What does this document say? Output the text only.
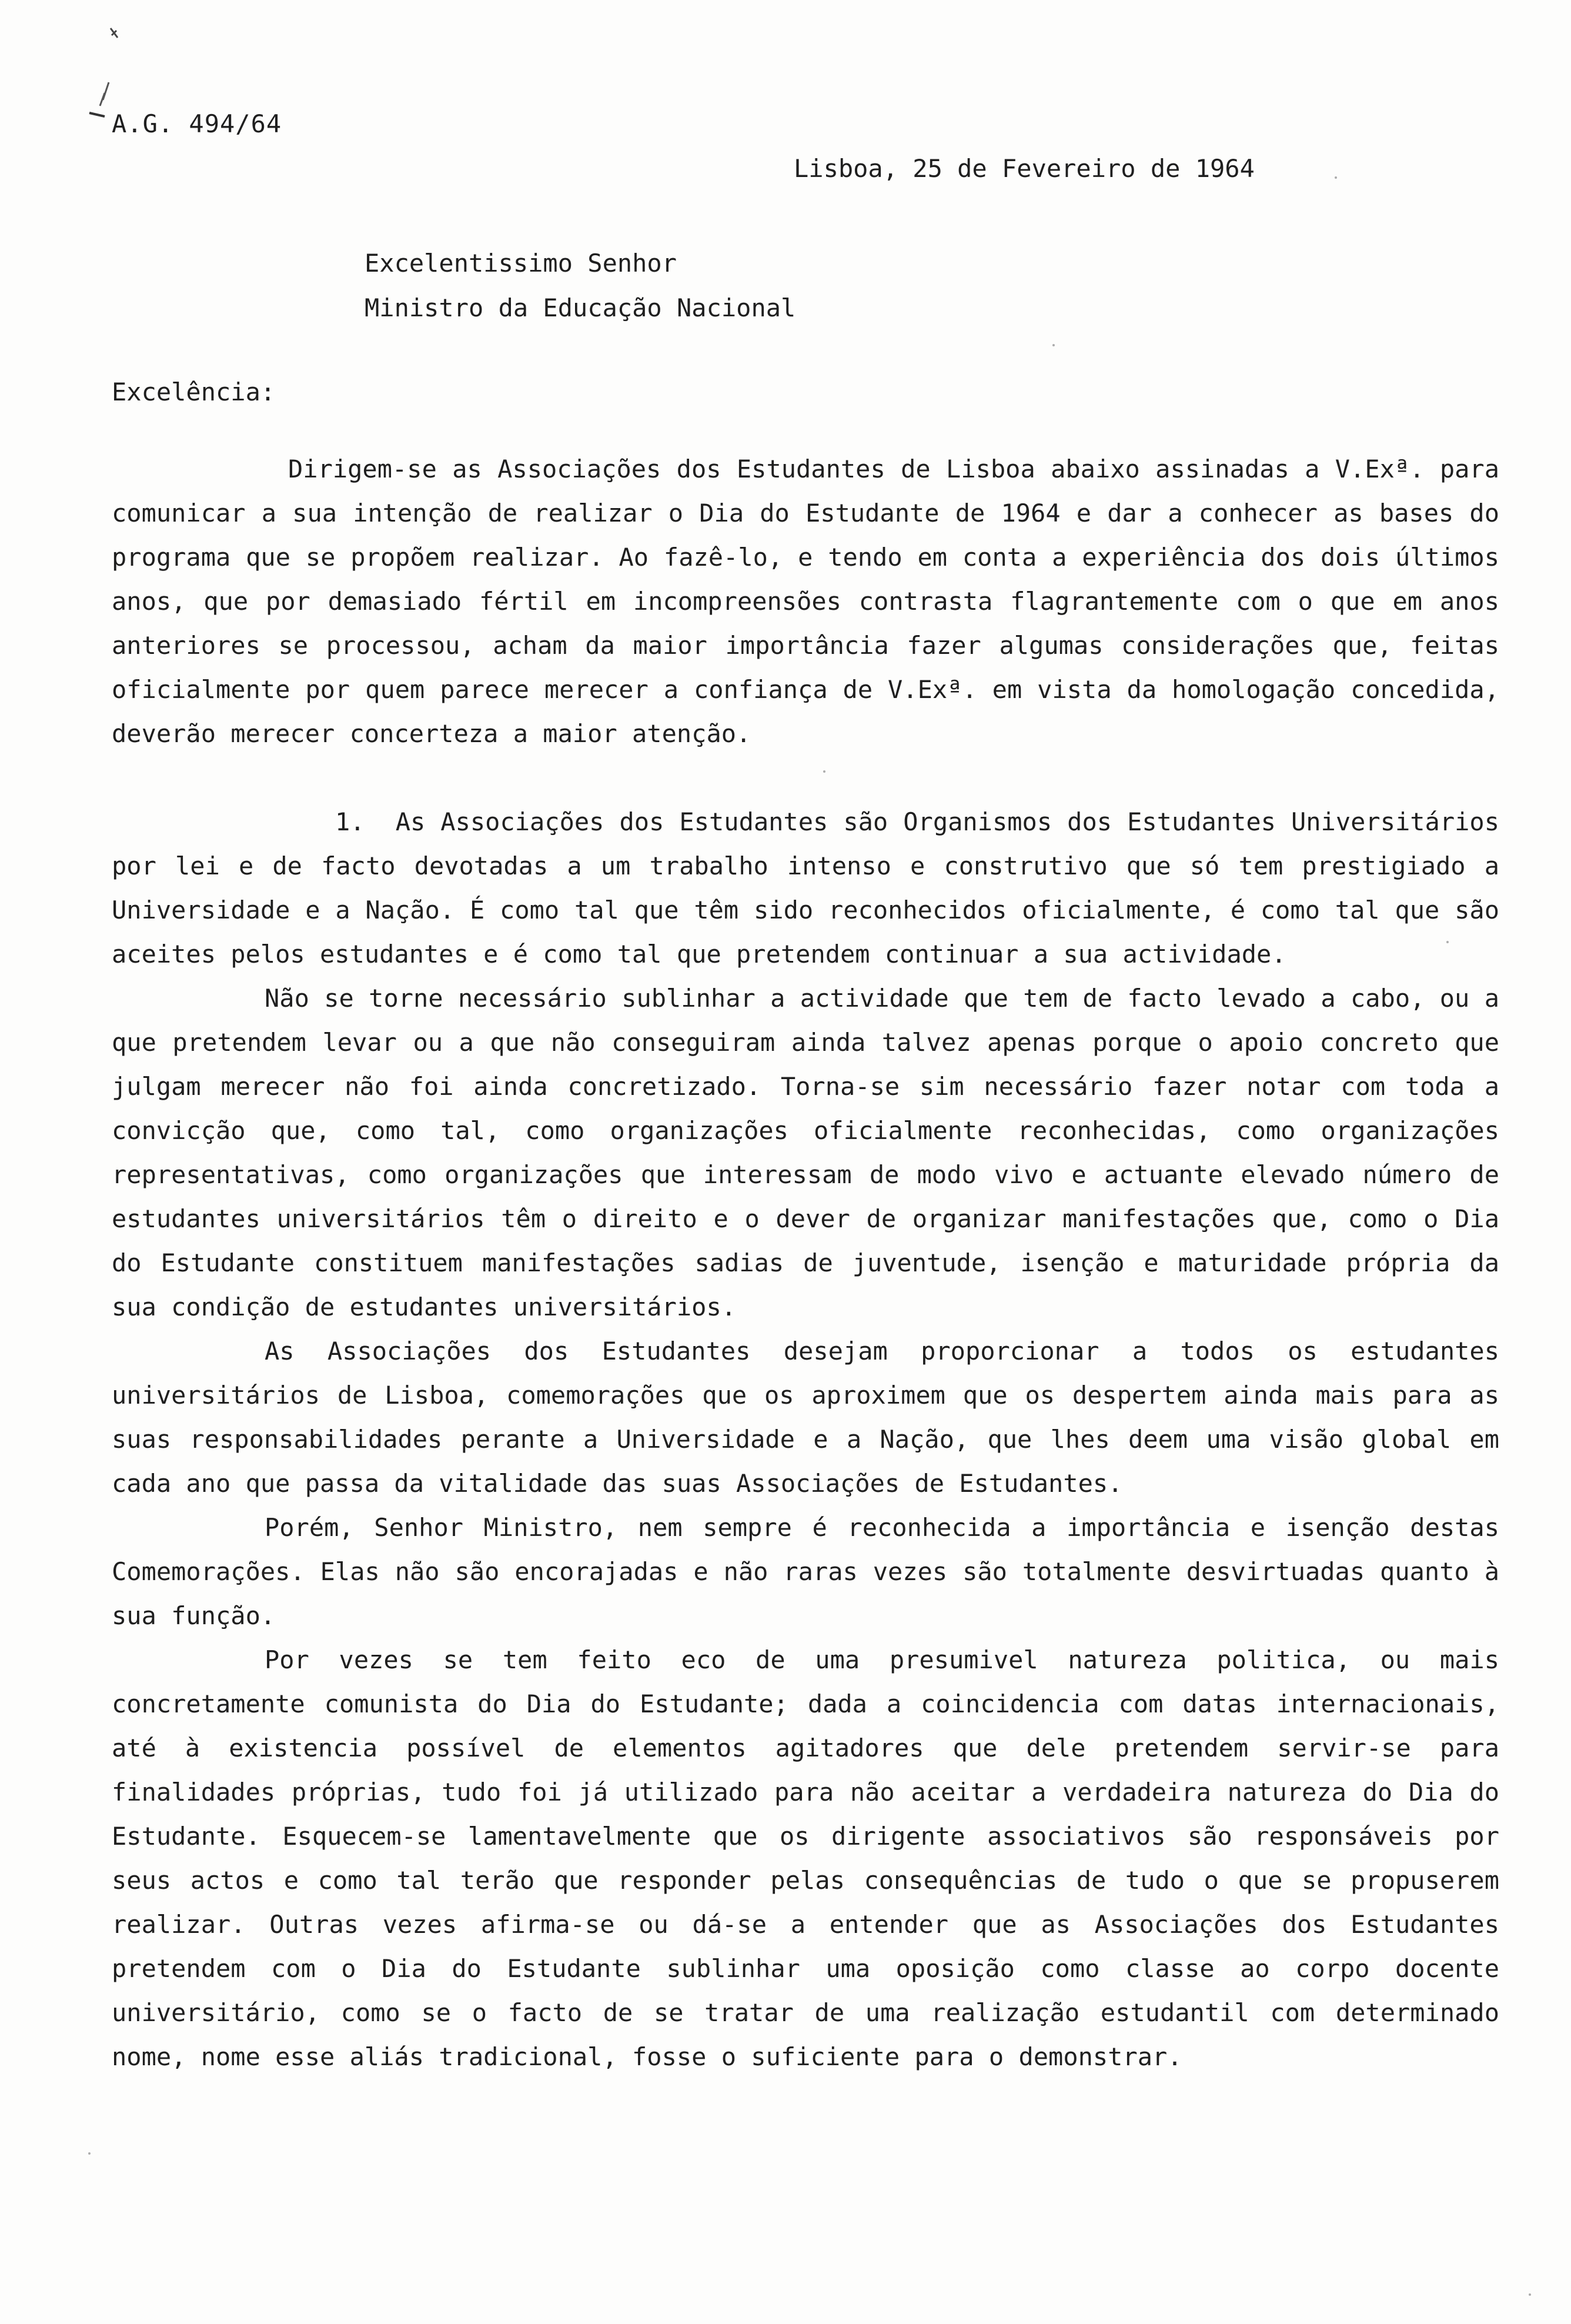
A.G. 494/64
Lisboa, 25 de Fevereiro de 1964
Excelentissimo Senhor
Ministro da Educação Nacional
Excelência:

Dirigem-se as Associações dos Estudantes de Lisboa abaixo assinadas a V.Exª. para comunicar a sua intenção de realizar o Dia do Estudante de 1964 e dar a conhecer as bases do programa que se propõem realizar. Ao fazê-lo, e tendo em conta a experiência dos dois últimos anos, que por demasiado fértil em incompreensões contrasta flagrantemente com o que em anos anteriores se processou, acham da maior importância fazer algumas considerações que, feitas oficialmente por quem parece merecer a confiança de V.Exª. em vista da homologação concedida, deverão merecer concerteza a maior atenção.

1. As Associações dos Estudantes são Organismos dos Estudantes Universitários por lei e de facto devotadas a um trabalho intenso e construtivo que só tem prestigiado a Universidade e a Nação. É como tal que têm sido reconhecidos oficialmente, é como tal que são aceites pelos estudantes e é como tal que pretendem continuar a sua actividade.

Não se torne necessário sublinhar a actividade que tem de facto levado a cabo, ou a que pretendem levar ou a que não conseguiram ainda talvez apenas porque o apoio concreto que julgam merecer não foi ainda concretizado. Torna-se sim necessário fazer notar com toda a convicção que, como tal, como organizações oficialmente reconhecidas, como organizações representativas, como organizações que interessam de modo vivo e actuante elevado número de estudantes universitários têm o direito e o dever de organizar manifestações que, como o Dia do Estudante constituem manifestações sadias de juventude, isenção e maturidade própria da sua condição de estudantes universitários.

As Associações dos Estudantes desejam proporcionar a todos os estudantes universitários de Lisboa, comemorações que os aproximem que os despertem ainda mais para as suas responsabilidades perante a Universidade e a Nação, que lhes deem uma visão global em cada ano que passa da vitalidade das suas Associações de Estudantes.

Porém, Senhor Ministro, nem sempre é reconhecida a importância e isenção destas Comemorações. Elas não são encorajadas e não raras vezes são totalmente desvirtuadas quanto à sua função.

Por vezes se tem feito eco de uma presumivel natureza politica, ou mais concretamente comunista do Dia do Estudante; dada a coincidencia com datas internacionais, até à existencia possível de elementos agitadores que dele pretendem servir-se para finalidades próprias, tudo foi já utilizado para não aceitar a verdadeira natureza do Dia do Estudante. Esquecem-se lamentavelmente que os dirigente associativos são responsáveis por seus actos e como tal terão que responder pelas consequências de tudo o que se propuserem realizar. Outras vezes afirma-se ou dá-se a entender que as Associações dos Estudantes pretendem com o Dia do Estudante sublinhar uma oposição como classe ao corpo docente universitário, como se o facto de se tratar de uma realização estudantil com determinado nome, nome esse aliás tradicional, fosse o suficiente para o demonstrar.
